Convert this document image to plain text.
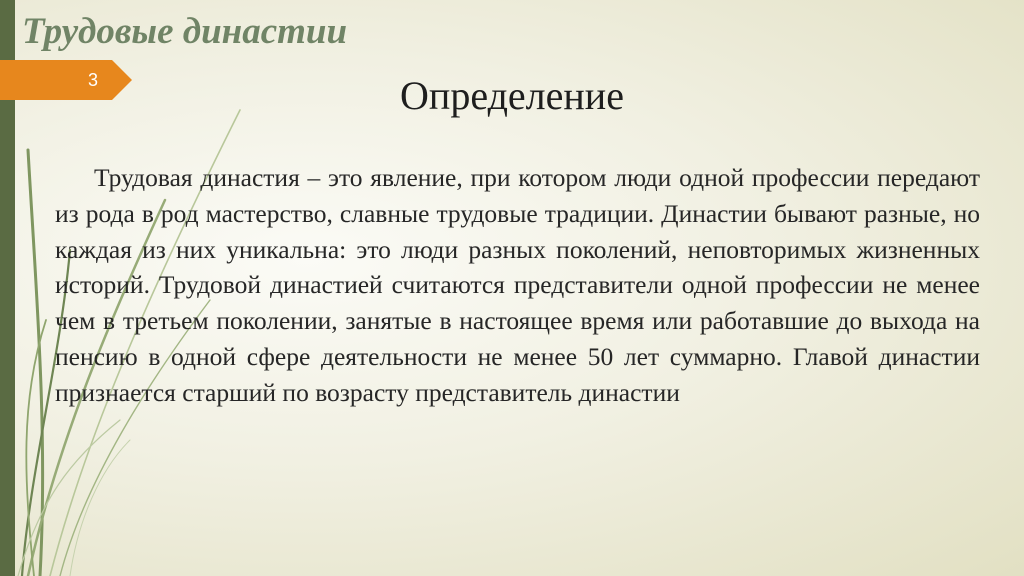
Трудовые династии
3	Определение

Трудовая династия – это явление, при котором люди одной профессии передают из рода в род мастерство, славные трудовые традиции. Династии бывают разные, но каждая из них уникальна: это люди разных поколений, неповторимых жизненных историй. Трудовой династией считаются представители одной профессии не менее чем в третьем поколении, занятые в настоящее время или работавшие до выхода на пенсию в одной сфере деятельности не менее 50 лет суммарно. Главой династии признается старший по возрасту представитель династии
